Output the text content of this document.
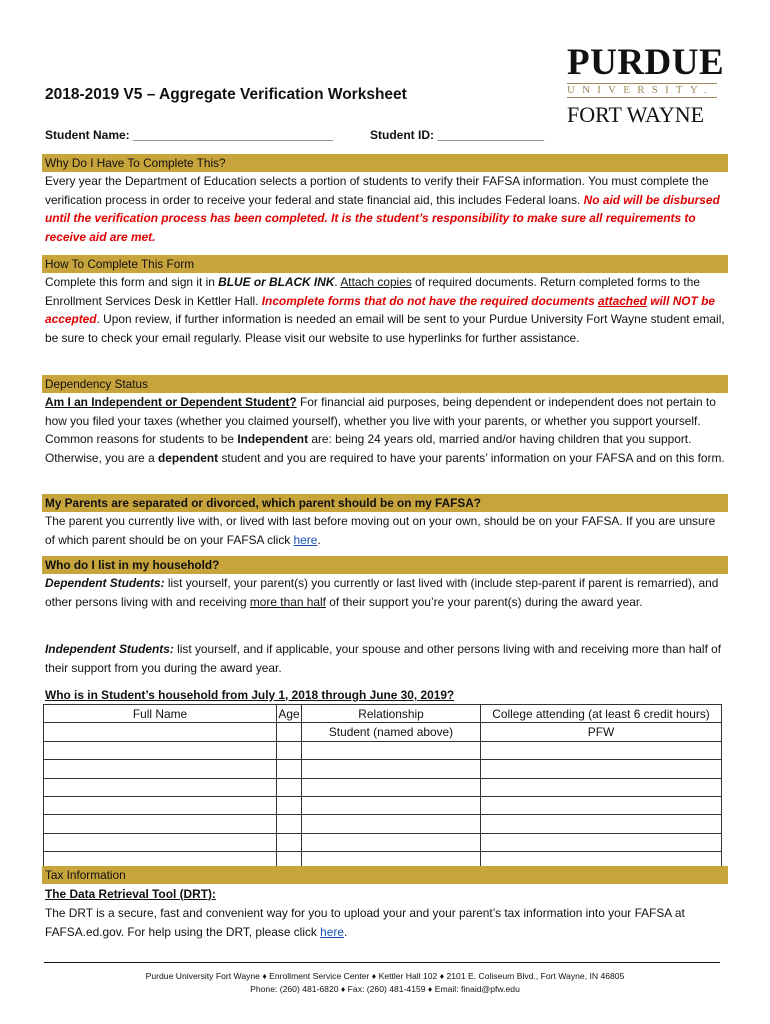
PURDUE
UNIVERSITY.
FORT WAYNE
2018-2019 V5 – Aggregate Verification Worksheet
Student Name: ______________________________	Student ID: ________________
Why Do I Have To Complete This?
Every year the Department of Education selects a portion of students to verify their FAFSA information. You must complete the verification process in order to receive your federal and state financial aid, this includes Federal loans. No aid will be disbursed until the verification process has been completed. It is the student’s responsibility to make sure all requirements to receive aid are met.
How To Complete This Form
Complete this form and sign it in BLUE or BLACK INK. Attach copies of required documents. Return completed forms to the Enrollment Services Desk in Kettler Hall. Incomplete forms that do not have the required documents attached will NOT be accepted. Upon review, if further information is needed an email will be sent to your Purdue University Fort Wayne student email, be sure to check your email regularly. Please visit our website to use hyperlinks for further assistance.
Dependency Status
Am I an Independent or Dependent Student? For financial aid purposes, being dependent or independent does not pertain to how you filed your taxes (whether you claimed yourself), whether you live with your parents, or whether you support yourself. Common reasons for students to be Independent are: being 24 years old, married and/or having children that you support. Otherwise, you are a dependent student and you are required to have your parents’ information on your FAFSA and on this form.
My Parents are separated or divorced, which parent should be on my FAFSA?
The parent you currently live with, or lived with last before moving out on your own, should be on your FAFSA. If you are unsure of which parent should be on your FAFSA click here.
Who do I list in my household?
Dependent Students: list yourself, your parent(s) you currently or last lived with (include step-parent if parent is remarried), and other persons living with and receiving more than half of their support you’re your parent(s) during the award year.
Independent Students: list yourself, and if applicable, your spouse and other persons living with and receiving more than half of their support from you during the award year.
Who is in Student’s household from July 1, 2018 through June 30, 2019?
Full Name	Age	Relationship	College attending (at least 6 credit hours)
		Student (named above)	PFW

Tax Information
The Data Retrieval Tool (DRT):
The DRT is a secure, fast and convenient way for you to upload your and your parent’s tax information into your FAFSA at FAFSA.ed.gov. For help using the DRT, please click here.
Purdue University Fort Wayne ♦ Enrollment Service Center ♦ Kettler Hall 102 ♦ 2101 E. Coliseum Blvd., Fort Wayne, IN 46805
Phone: (260) 481-6820 ♦ Fax: (260) 481-4159 ♦ Email: finaid@pfw.edu
